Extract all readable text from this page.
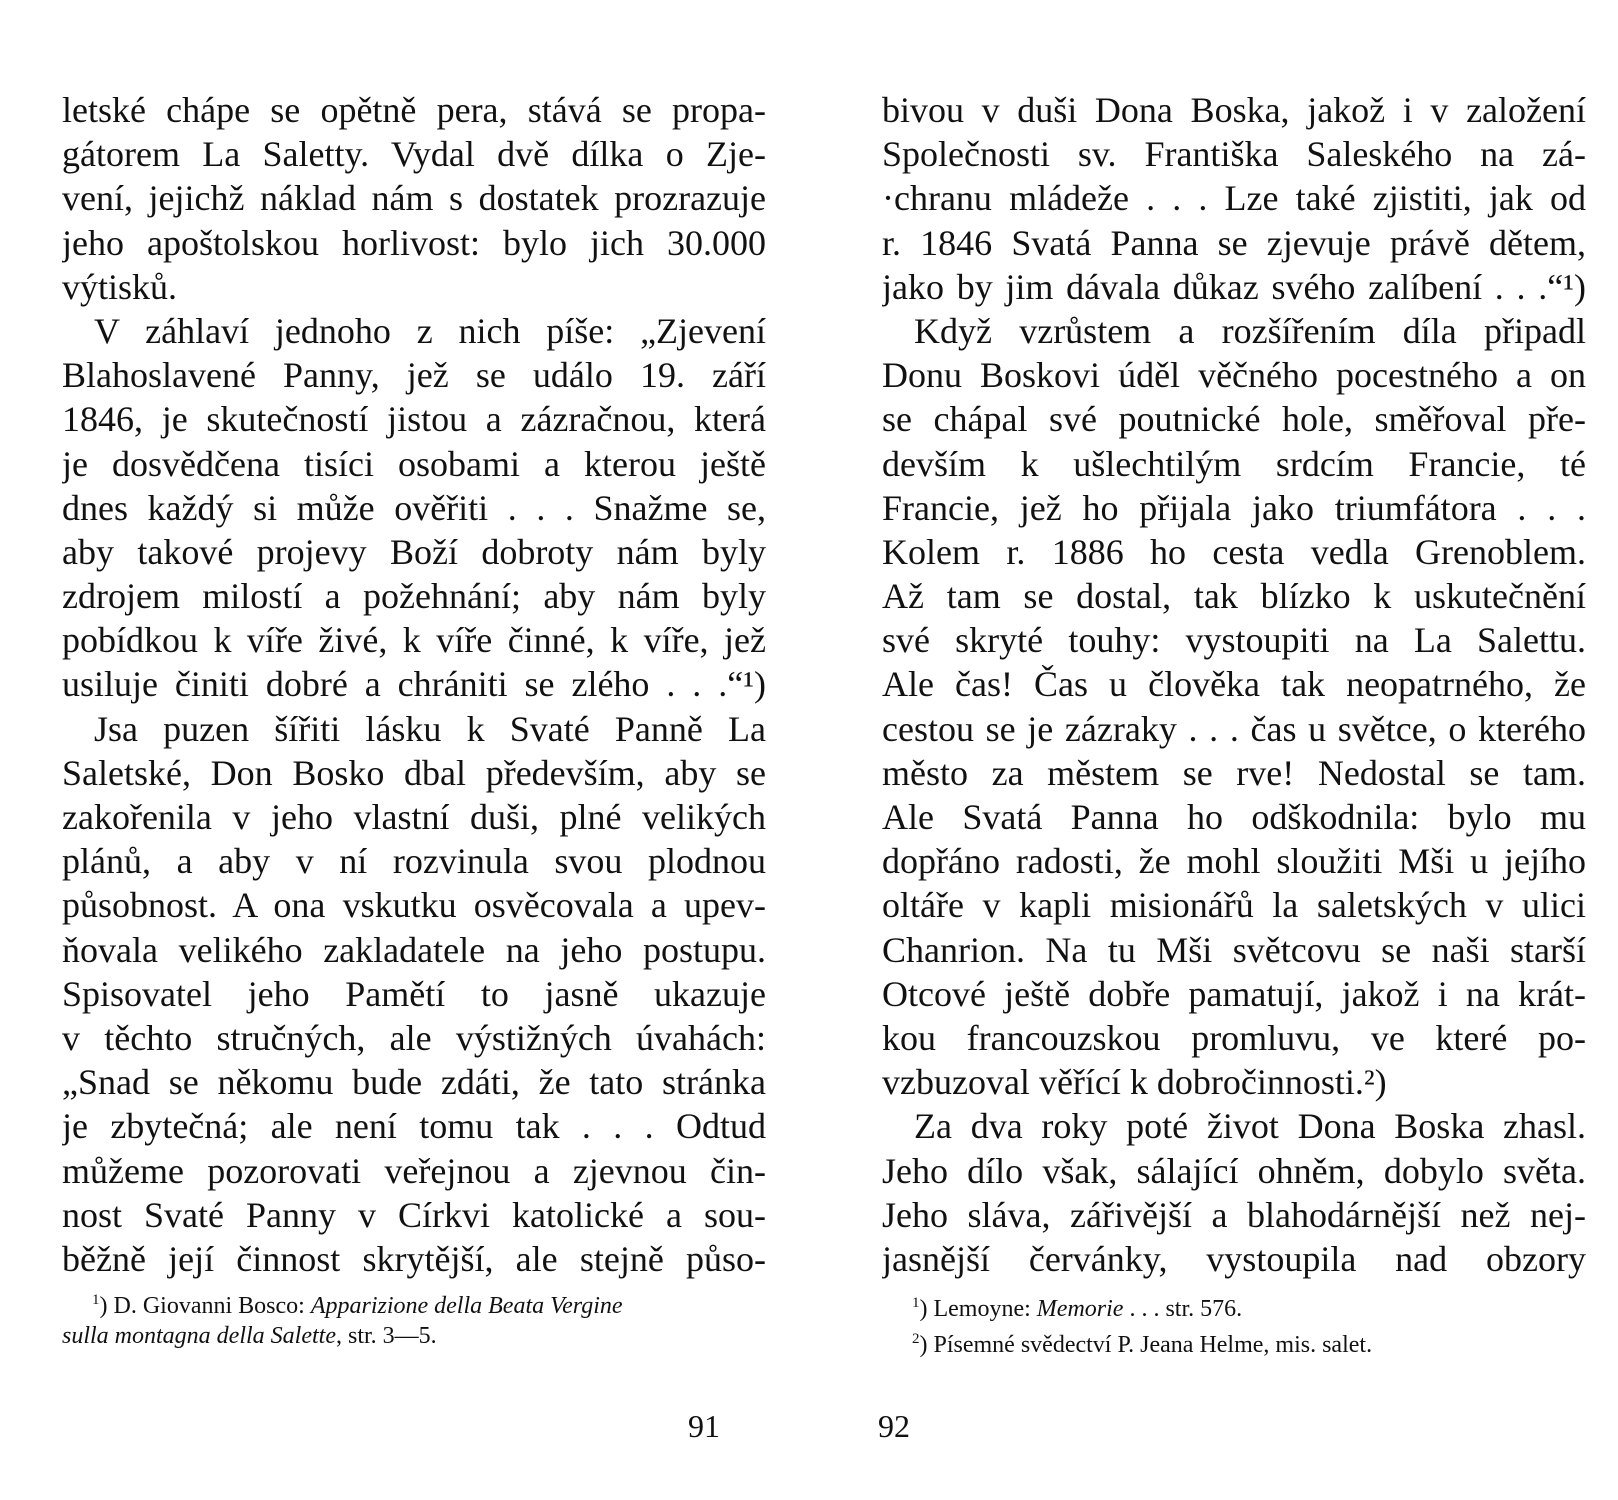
letské chápe se opětně pera, stává se propa-
gátorem La Saletty. Vydal dvě dílka o Zje-
vení, jejichž náklad nám s dostatek prozrazuje
jeho apoštolskou horlivost: bylo jich 30.000
výtisků.
V záhlaví jednoho z nich píše: „Zjevení
Blahoslavené Panny, jež se událo 19. září
1846, je skutečností jistou a zázračnou, která
je dosvědčena tisíci osobami a kterou ještě
dnes každý si může ověřiti . . . Snažme se,
aby takové projevy Boží dobroty nám byly
zdrojem milostí a požehnání; aby nám byly
pobídkou k víře živé, k víře činné, k víře, jež
usiluje činiti dobré a chrániti se zlého . . .“¹)
Jsa puzen šířiti lásku k Svaté Panně La
Saletské, Don Bosko dbal především, aby se
zakořenila v jeho vlastní duši, plné velikých
plánů, a aby v ní rozvinula svou plodnou
působnost. A ona vskutku osvěcovala a upev-
ňovala velikého zakladatele na jeho postupu.
Spisovatel jeho Pamětí to jasně ukazuje
v těchto stručných, ale výstižných úvahách:
„Snad se někomu bude zdáti, že tato stránka
je zbytečná; ale není tomu tak . . . Odtud
můžeme pozorovati veřejnou a zjevnou čin-
nost Svaté Panny v Církvi katolické a sou-
běžně její činnost skrytější, ale stejně půso-
$^1$) D. Giovanni Bosco: Apparizione della Beata Vergine
sulla montagna della Salette, str. 3—5.
91
bivou v duši Dona Boska, jakož i v založení
Společnosti sv. Františka Saleského na zá-
·chranu mládeže . . . Lze také zjistiti, jak od
r. 1846 Svatá Panna se zjevuje právě dětem,
jako by jim dávala důkaz svého zalíbení . . .“¹)
Když vzrůstem a rozšířením díla připadl
Donu Boskovi úděl věčného pocestného a on
se chápal své poutnické hole, směřoval pře-
devším k ušlechtilým srdcím Francie, té
Francie, jež ho přijala jako triumfátora . . .
Kolem r. 1886 ho cesta vedla Grenoblem.
Až tam se dostal, tak blízko k uskutečnění
své skryté touhy: vystoupiti na La Salettu.
Ale čas! Čas u člověka tak neopatrného, že
cestou se je zázraky . . . čas u světce, o kterého
město za městem se rve! Nedostal se tam.
Ale Svatá Panna ho odškodnila: bylo mu
dopřáno radosti, že mohl sloužiti Mši u jejího
oltáře v kapli misionářů la saletských v ulici
Chanrion. Na tu Mši světcovu se naši starší
Otcové ještě dobře pamatují, jakož i na krát-
kou francouzskou promluvu, ve které po-
vzbuzoval věřící k dobročinnosti.²)
Za dva roky poté život Dona Boska zhasl.
Jeho dílo však, sálající ohněm, dobylo světa.
Jeho sláva, zářivější a blahodárnější než nej-
jasnější červánky, vystoupila nad obzory
$^1$) Lemoyne: Memorie . . . str. 576.
$^2$) Písemné svědectví P. Jeana Helme, mis. salet.
92
